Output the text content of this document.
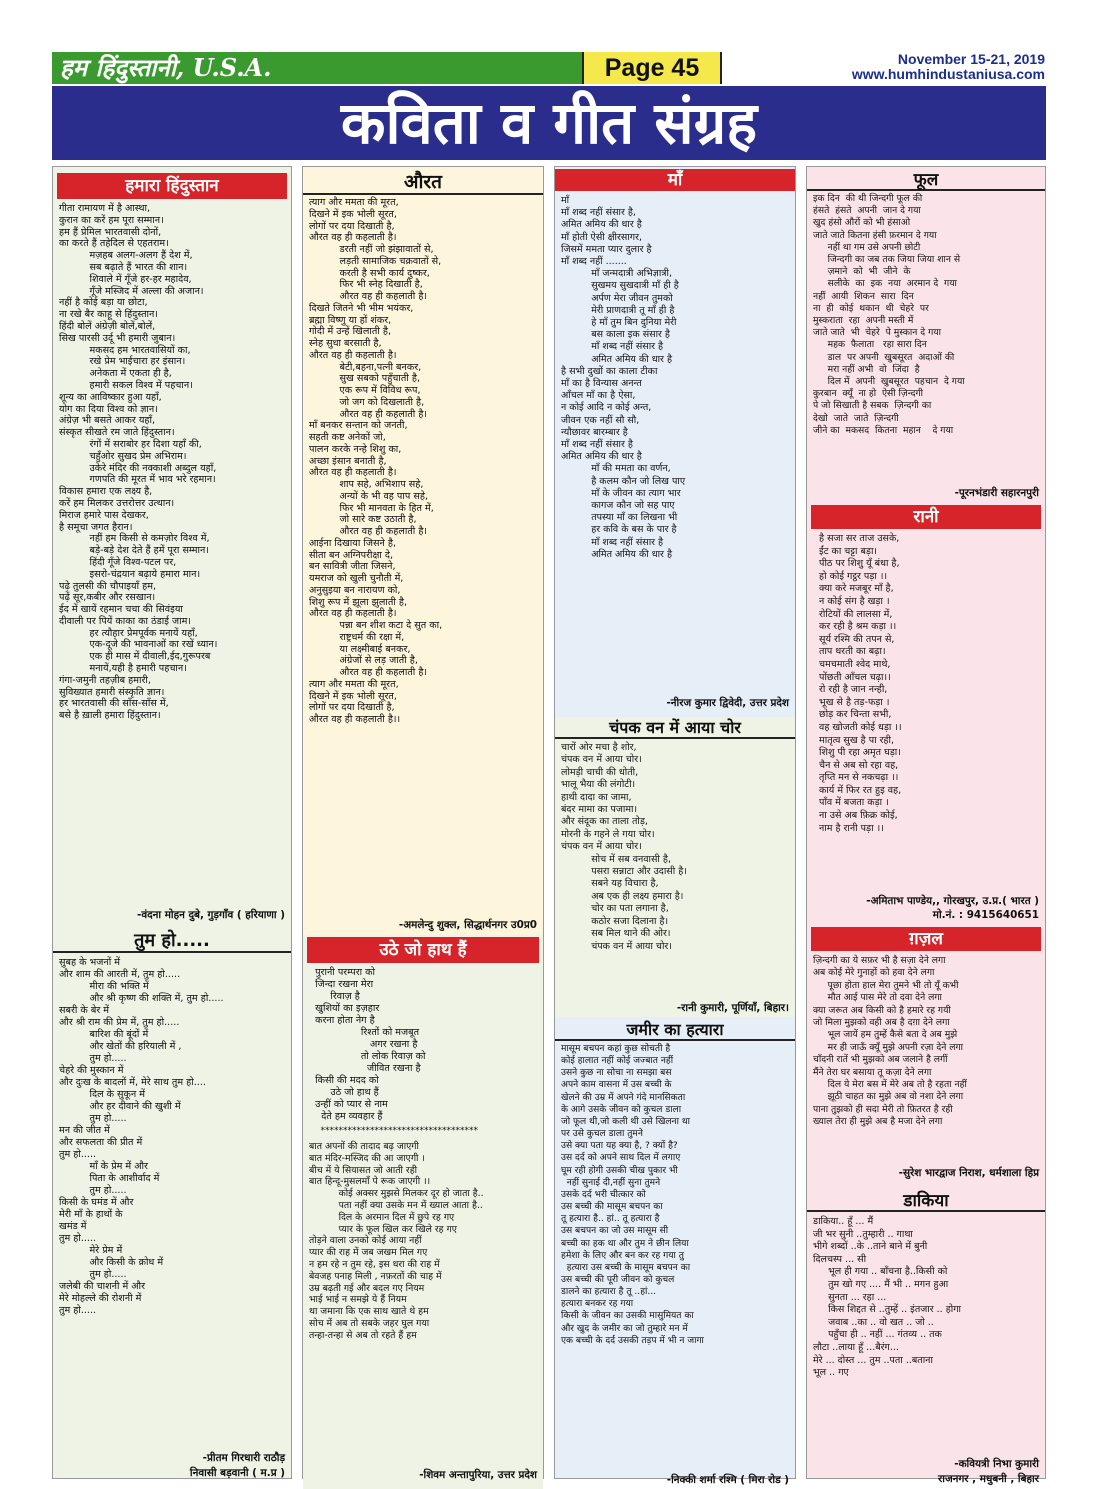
हम हिंदुस्तानी, U.S.A.	Page 45	November 15-21, 2019
www.humhindustaniusa.com
कविता व गीत संग्रह
हमारा हिंदुस्तान
गीता रामायण में है आस्था,
कुरान का करें हम पूरा सम्मान।
हम हैं प्रेमिल भारतवासी दोनों,
का करते हैं तहेदिल से एहतराम।
मज़हब अलग-अलग हैं देश में,
सब बढ़ाते हैं भारत की शान।
शिवाले में गूँजे हर-हर महादेव,
गूँजे मस्जिद में अल्ला की अजान।
नहीं है कोई बड़ा या छोटा,
ना रखे बैर काहू से हिंदुस्तान।
हिंदी बोलें अंग्रेज़ी बोलें,बोलें,
सिख पारसी उर्दू भी हमारी जुबान।
मकसद हम भारतवासियों का,
रखे प्रेम भाईचारा हर इंसान।
अनेकता में एकता ही है,
हमारी सकल विश्व में पहचान।
शून्य का आविष्कार हुआ यहाँ,
योग का दिया विश्व को ज्ञान।
अंग्रेज़ भी बसते आकर यहाँ,
संस्कृत सीखते रम जाते हिंदुस्तान।
रंगों में सराबोर हर दिशा यहाँ की,
चहुँओर सुखद प्रेम अभिराम।
उकेरे मंदिर की नक्काशी अब्दुल यहाँ,
गणपति की मूरत में भाव भरे रहमान।
विकास हमारा एक लक्ष्य है,
करें हम मिलकर उत्तरोत्तर उत्थान।
मिराज हमारे पास देखकर,
है समूचा जगत हैरान।
नहीं हम किसी से कमज़ोर विश्व में,
बड़े-बड़े देश देते हैं हमें पूरा सम्मान।
हिंदी गूँजे विश्व-पटल पर,
इसरो-चंद्रयान बढ़ाये हमारा मान।
पढ़े तुलसी की चौपाइयाँ हम,
पढ़ें सूर,कबीर और रसखान।
ईद में खायें रहमान चचा की सिवंइया
दीवाली पर पियें काका का ठंडाई जाम।
हर त्यौहार प्रेमपूर्वक मनायें यहाँ,
एक-दूजे की भावनाओं का रखें ध्यान।
एक ही मास में दीवाली,ईद,गुरूपरब
मनायें,यही है हमारी पहचान।
गंगा-जमुनी तहज़ीब हमारी,
सुविख्यात हमारी संस्कृति ज्ञान।
हर भारतवासी की साँस-साँस में,
बसे है ख़ाली हमारा हिंदुस्तान।
-वंदना मोहन दुबे, गुड़गाँव ( हरियाणा )
तुम हो.....
सुबह के भजनों में
और शाम की आरती में, तुम हो.....
मीरा की भक्ति में
और श्री कृष्ण की शक्ति में, तुम हो.....
सबरी के बेर में
और श्री राम की प्रेम में, तुम हो.....
बारिश की बूंदों में
और खेतों की हरियाली में ,
तुम हो.....
चेहरे की मुस्कान में
और दुःख के बादलों में, मेरे साथ तुम हो....
दिल के सुकून में
और हर दीवाने की खुशी में
तुम हो.....
मन की जीत में
और सफलता की प्रीत में
तुम हो.....
माँ के प्रेम में और
पिता के आशीर्वाद में
तुम हो.....
किसी के घमंड में और
मेरी माँ के हाथों के
खमंड में
तुम हो.....
मेरे प्रेम में
और किसी के क्रोध में
तुम हो.....
जलेबी की चाशनी में और
मेरे मोहल्ले की रोशनी में
तुम हो.....
-प्रीतम गिरधारी राठौड़
निवासी बड़वानी ( म.प्र )
औरत
त्याग और ममता की मूरत,
दिखने में इक भोली सूरत,
लोगों पर दया दिखाती है,
औरत वह ही कहलाती है।
डरती नहीं जो झंझावातों से,
लड़ती सामाजिक चक्रवातों से,
करती है सभी कार्य दुष्कर,
फिर भी स्नेह दिखाती है,
औरत वह ही कहलाती है।
दिखते जितने भी भीम भयंकर,
ब्रह्मा विष्णु या हों शंकर,
गोदी में उन्हें खिलाती है,
स्नेह सुधा बरसाती है,
औरत वह ही कहलाती है।
बेटी,बहना,पत्नी बनकर,
सुख सबको पहुँचाती है,
एक रूप में विविध रूप,
जो जग को दिखलाती है,
औरत वह ही कहलाती है।
माँ बनकर सन्तान को जनती,
सहती कष्ट अनेकों जो,
पालन करके नन्हे शिशु का,
अच्छा इंसान बनाती है,
औरत वह ही कहलाती है।
शाप सहे, अभिशाप सहे,
अन्यों के भी वह पाप सहे,
फिर भी मानवता के हित में,
जो सारे कष्ट उठाती है,
औरत वह ही कहलाती है।
आईना दिखाया जिसने है,
सीता बन अग्निपरीक्षा दे,
बन सावित्री जीता जिसने,
यमराज को खुली चुनौती में,
अनुसुइया बन नारायण को,
शिशु रूप में झूला झुलाती है,
औरत वह ही कहलाती है।
पन्ना बन शीश कटा दे सुत का,
राष्ट्रधर्म की रक्षा में,
या लक्ष्मीबाई बनकर,
अंग्रेजों से लड़ जाती है,
औरत वह ही कहलाती है।
त्याग और ममता की मूरत,
दिखने में इक भोली सूरत,
लोगों पर दया दिखाती है,
औरत वह ही कहलाती है।।
-अमलेन्दु शुक्ल, सिद्धार्थनगर उ0प्र0
उठे जो हाथ हैं
पुरानी परम्परा को
जिन्दा रखना मेरा
रिवाज़ है
खुशियों का इज़हार
करना होता नेग है
रिश्तों को मजबूत
अगर रखना है
तो लोक रिवाज़ को
जीवित रखना है
किसी की मदद को
उठे जो हाथ हैं
उन्हीं को प्यार से नाम
देते हम व्यवहार हैं
***********************************
बात अपनों की तादाद बढ़ जाएगी
बात मंदिर-मस्जिद की आ जाएगी ।
बीच में ये सियासत जो आती रही
बात हिन्दू-मुसलमाँ पे रूक जाएगी ।।
कोई अक्सर मुझसे मिलकर दूर हो जाता है..
पता नहीं क्या उसके मन में ख्याल आता है..
दिल के अरमान दिल में छुपे रह गए
प्यार के फूल खिल कर खिले रह गए
तोड़ने वाला उनको कोई आया नहीं
प्यार की राह में जब जखम मिल गए
न हम रहे न तुम रहे, इस धरा की राह में
बेवजह पनाह मिली , नफ़रतों की चाह में
उम्र बढ़ती गई और बदल गए नियम
भाई भाई न समझे ये हैं नियम
था जमाना कि एक साथ खाते थे हम
सोच में अब तो सबके जहर घुल गया
तन्हा-तन्हा से अब तो रहते हैं हम
-शिवम अन्तापुरिया, उत्तर प्रदेश
माँ
माँ
माँ शब्द नहीं संसार है,
अमित अमिय की धार है
माँ होती ऐसी क्षीरसागर,
जिसमें ममता प्यार दुलार है
माँ शब्द नहीं .......
माँ जन्मदात्री अभिज्ञात्री,
सुखमय सुखदात्री माँ ही है
अर्पण मेरा जीवन तुमको
मेरी प्राणदात्री तू माँ ही है
हे माँ तुम बिन दुनिया मेरी
बस काला इक संसार है
माँ शब्द नहीं संसार है
अमित अमिय की धार है
है सभी दुखों का काला टीका
माँ का है विन्यास अनन्त
आँचल माँ का है ऐसा,
न कोई आदि न कोई अन्त,
जीवन एक नहीं सौ सौ,
न्यौछावर बारम्बार है
माँ शब्द नहीं संसार है
अमित अमिय की धार है
माँ की ममता का वर्णन,
है कलम कौन जो लिख पाए
माँ के जीवन का त्याग भार
कागज कौन जो सह पाए
तपस्या माँ का लिखना भी
हर कवि के बस के पार है
माँ शब्द नहीं संसार है
अमित अमिय की धार है
-नीरज कुमार द्विवेदी, उत्तर प्रदेश
चंपक वन में आया चोर
चारों ओर मचा है शोर,
चंपक वन में आया चोर।
लोमड़ी चाची की धोती,
भालू भैया की लंगोटी।
हाथी दादा का जामा,
बंदर मामा का पजामा।
और संदूक का ताला तोड़,
मोरनी के गहने ले गया चोर।
चंपक वन में आया चोर।
सोच में सब वनवासी है,
पसरा सन्नाटा और उदासी है।
सबने यह विचारा है,
अब एक ही लक्ष्य हमारा है।
चोर का पता लगाना है,
कठोर सजा दिलाना है।
सब मिल थाने की ओर।
चंपक वन में आया चोर।
-रानी कुमारी, पूर्णियाँ, बिहार।
जमीर का हत्यारा
मासूम बचपन कहां कुछ सोचती है
कोई हालात नहीं कोई जज्बात नहीं
उसने कुछ ना सोचा ना समझा बस
अपने काम वासना में उस बच्ची के
खेलने की उम्र में अपने गंदे मानसिकता
के आगे उसके जीवन को कुचल डाला
जो फूल थी,जो कली थी उसे खिलना था
पर उसे कुचल डाला तुमने
उसे क्या पता यह क्या है, ? क्यों है?
उस दर्द को अपने साथ दिल में लगाए
घूम रही होगी उसकी चीख पुकार भी
नहीं सुनाई दी,नहीं सुना तुमने
उसके दर्द भरी चीत्कार को
उस बच्ची की मासूम बचपन का
तू हत्यारा है.. हां.. तू हत्यारा है
उस बचपन का जो उस मासूम सी
बच्ची का हक था और तुम ने छीन लिया
हमेशा के लिए और बन कर रह गया तु
हत्यारा उस बच्ची के मासूम बचपन का
उस बच्ची की पूरी जीवन को कुचल
डालने का हत्यारा है तू ..हां...
हत्यारा बनकर रह गया
किसी के जीवन का उसकी मासुमियत का
और खुद के जमीर का जो तुम्हारे मन में
एक बच्ची के दर्द उसकी तड़प में भी न जागा
-निक्की शर्मा रश्मि ( मिरा रोड )
फूल
इक दिन  की थी जिन्दगी फूल की
हंसते  हंसते  अपनी  जान दे गया
खुद हंसो औरों को भी हंसाओ
जाते जाते कितना हंसी फ़रमान दे गया
नहीं था गम उसे अपनी छोटी
जिन्दगी का जब तक जिया जिया शान से
ज़माने  को  भी  जीने  के
सलीके  का  इक  नया  अरमान दे  गया
नहीं  आयी  शिकन  सारा  दिन
ना  ही  कोई  थकान  थी  चेहरे  पर
मुस्कराता  रहा  अपनी मस्ती में
जाते जाते  भी  चेहरे  पे मुस्कान दे गया
महक  फैलाता   रहा सारा दिन
डाल  पर अपनी  खुबसूरत  अदाओं की
मरा नहीं अभी  वो  जिंदा  है
दिल में  अपनी  खुबसूरत  पहचान  दे गया
कुरबान  क्यूँ  ना हो  ऐसी ज़िन्दगी
पे जो सिखाती है सबक  ज़िन्दगी का
देखो  जाते  जाते  ज़िन्दगी
जीने का  मकसद  कितना  महान    दे गया
-पूरनभंडारी सहारनपुरी
रानी
है सजा सर ताज उसके,
ईंट का चट्टा बड़ा।
पीठ पर शिशु यूँ बंधा है,
हो कोई गट्ठर पड़ा ।।
क्या करे मजबूर माँ है,
न कोई संग है खड़ा ।
रोटियों की लालसा में,
कर रही है श्रम कड़ा ।।
सूर्य रश्मि की तपन से,
ताप धरती का बढ़ा।
चमचमाती श्वेद माथे,
पोंछती आँचल चढ़ा।।
रो रही है जान नन्ही,
भूख से है तड़-फड़ा ।
छोड़ कर चिन्ता सभी,
वह खोजती कोई धड़ा ।।
मातृत्व सुख है पा रही,
शिशु पी रहा अमृत घड़ा।
चैन से अब सो रहा वह,
तृप्ति मन से नकचढ़ा ।।
कार्य में फिर रत हुइ वह,
पाँव में बजता कड़ा ।
ना उसे अब फ़िक्र कोई,
नाम है रानी पड़ा ।।
-अमिताभ पाण्डेय,, गोरखपुर, उ.प्र.( भारत )
मो.नं. : 9415640651
ग़ज़ल
ज़िन्दगी का ये सफ़र भी है सज़ा देने लगा
अब कोई मेरे गुनाहों को हवा देने लगा
पूछा होता हाल मेरा तुमने भी तो यूँ कभी
मौत आई पास मेरे तो दवा देने लगा
क्या जरूत अब किसी को है हमारे रह गयी
जो मिला मुझको वही अब है दग़ा देने लगा
भूल जायें हम तुम्हें कैसे बता दे अब मुझे
मर ही जाऊँ क्यूँ मुझे अपनी रज़ा देने लगा
चाँदनी रातें भी मुझको अब जलाने है लगीं
मैंने तेरा घर बसाया तू कज़ा देने लगा
दिल ये मेरा बस में मेरे अब तो है रहता नहीं
झूठी चाहत का मुझे अब वो नशा देने लगा
पाना तुझको ही सदा मेरी तो फ़ितरत है रही
ख्याल तेरा ही मुझे अब है मजा देने लगा
-सुरेश भारद्वाज निराश, धर्मशाला हिप्र
डाकिया
डाकिया.. हूँ ... मैं
जी भर सुनी ..तुम्हारी .. गाथा
भीगे शब्दों ..के ..ताने बाने में बुनी
दिलचस्प ... सी
भूल ही गया .. बाँचना है..किसी को
तुम खो गए .... मैं भी .. मगन हुआ
सुनता ... रहा ...
किस शिद्दत से ..तुम्हें .. इंतजार .. होगा
जवाब ..का .. वो खत .. जो ..
पहुँचा ही .. नहीं ... गंतव्य .. तक
लौटा ..लाया हूँ ...बैरंग...
मेरे ... दोस्त ... तुम ..पता ..बताना
भूल .. गए
-कवियत्री निभा कुमारी
राजनगर , मधुबनी , बिहार
